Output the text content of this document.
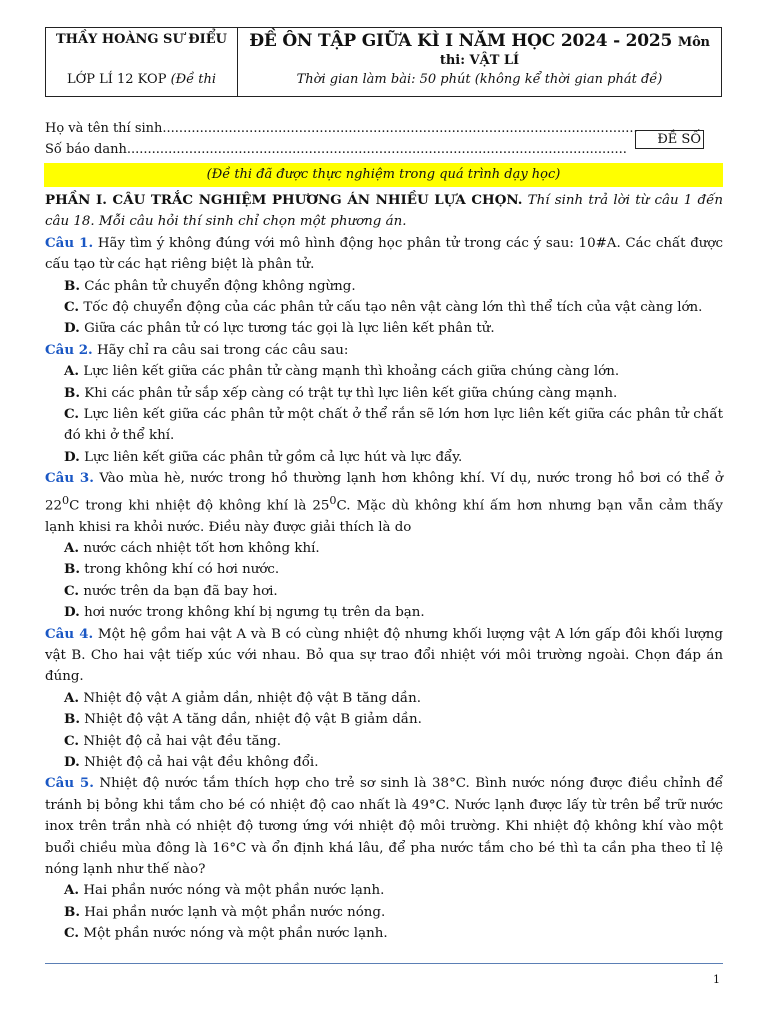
THẦY HOÀNG SƯ ĐIỂU
LỚP LÍ 12 KOP (Đề thi
ĐỀ ÔN TẬP GIỮA KÌ I NĂM HỌC 2024 - 2025 Môn
thi: VẬT LÍ
Thời gian làm bài: 50 phút (không kể thời gian phát đề)
Họ và tên thí sinh...................................................................................................................
Số báo danh.........................................................................................................................
ĐỀ SỐ
(Đề thi đã được thực nghiệm trong quá trình dạy học)

PHẦN I. CÂU TRẮC NGHIỆM PHƯƠNG ÁN NHIỀU LỰA CHỌN. Thí sinh trả lời từ câu 1 đến câu 18. Mỗi câu hỏi thí sinh chỉ chọn một phương án.

Câu 1. Hãy tìm ý không đúng với mô hình động học phân tử trong các ý sau: 10#A. Các chất được cấu tạo từ các hạt riêng biệt là phân tử.

B. Các phân tử chuyển động không ngừng.

C. Tốc độ chuyển động của các phân tử cấu tạo nên vật càng lớn thì thể tích của vật càng lớn.

D. Giữa các phân tử có lực tương tác gọi là lực liên kết phân tử.

Câu 2. Hãy chỉ ra câu sai trong các câu sau:

A. Lực liên kết giữa các phân tử càng mạnh thì khoảng cách giữa chúng càng lớn.

B. Khi các phân tử sắp xếp càng có trật tự thì lực liên kết giữa chúng càng mạnh.

C. Lực liên kết giữa các phân tử một chất ở thể rắn sẽ lớn hơn lực liên kết giữa các phân tử chất đó khi ở thể khí.

D. Lực liên kết giữa các phân tử gồm cả lực hút và lực đẩy.

Câu 3. Vào mùa hè, nước trong hồ thường lạnh hơn không khí. Ví dụ, nước trong hồ bơi có thể ở $22^0C$ trong khi nhiệt độ không khí là $25^0C$. Mặc dù không khí ấm hơn nhưng bạn vẫn cảm thấy lạnh khisi ra khỏi nước. Điều này được giải thích là do

A. nước cách nhiệt tốt hơn không khí.

B. trong không khí có hơi nước.

C. nước trên da bạn đã bay hơi.

D. hơi nước trong không khí bị ngưng tụ trên da bạn.

Câu 4. Một hệ gồm hai vật A và B có cùng nhiệt độ nhưng khối lượng vật A lớn gấp đôi khối lượng vật B. Cho hai vật tiếp xúc với nhau. Bỏ qua sự trao đổi nhiệt với môi trường ngoài. Chọn đáp án đúng.

A. Nhiệt độ vật A giảm dần, nhiệt độ vật B tăng dần.

B. Nhiệt độ vật A tăng dần, nhiệt độ vật B giảm dần.

C. Nhiệt độ cả hai vật đều tăng.

D. Nhiệt độ cả hai vật đều không đổi.

Câu 5. Nhiệt độ nước tắm thích hợp cho trẻ sơ sinh là 38°C. Bình nước nóng được điều chỉnh để tránh bị bỏng khi tắm cho bé có nhiệt độ cao nhất là 49°C. Nước lạnh được lấy từ trên bể trữ nước inox trên trần nhà có nhiệt độ tương ứng với nhiệt độ môi trường. Khi nhiệt độ không khí vào một buổi chiều mùa đông là 16°C và ổn định khá lâu, để pha nước tắm cho bé thì ta cần pha theo tỉ lệ nóng lạnh như thế nào?

A. Hai phần nước nóng và một phần nước lạnh.

B. Hai phần nước lạnh và một phần nước nóng.

C. Một phần nước nóng và một phần nước lạnh.

1
